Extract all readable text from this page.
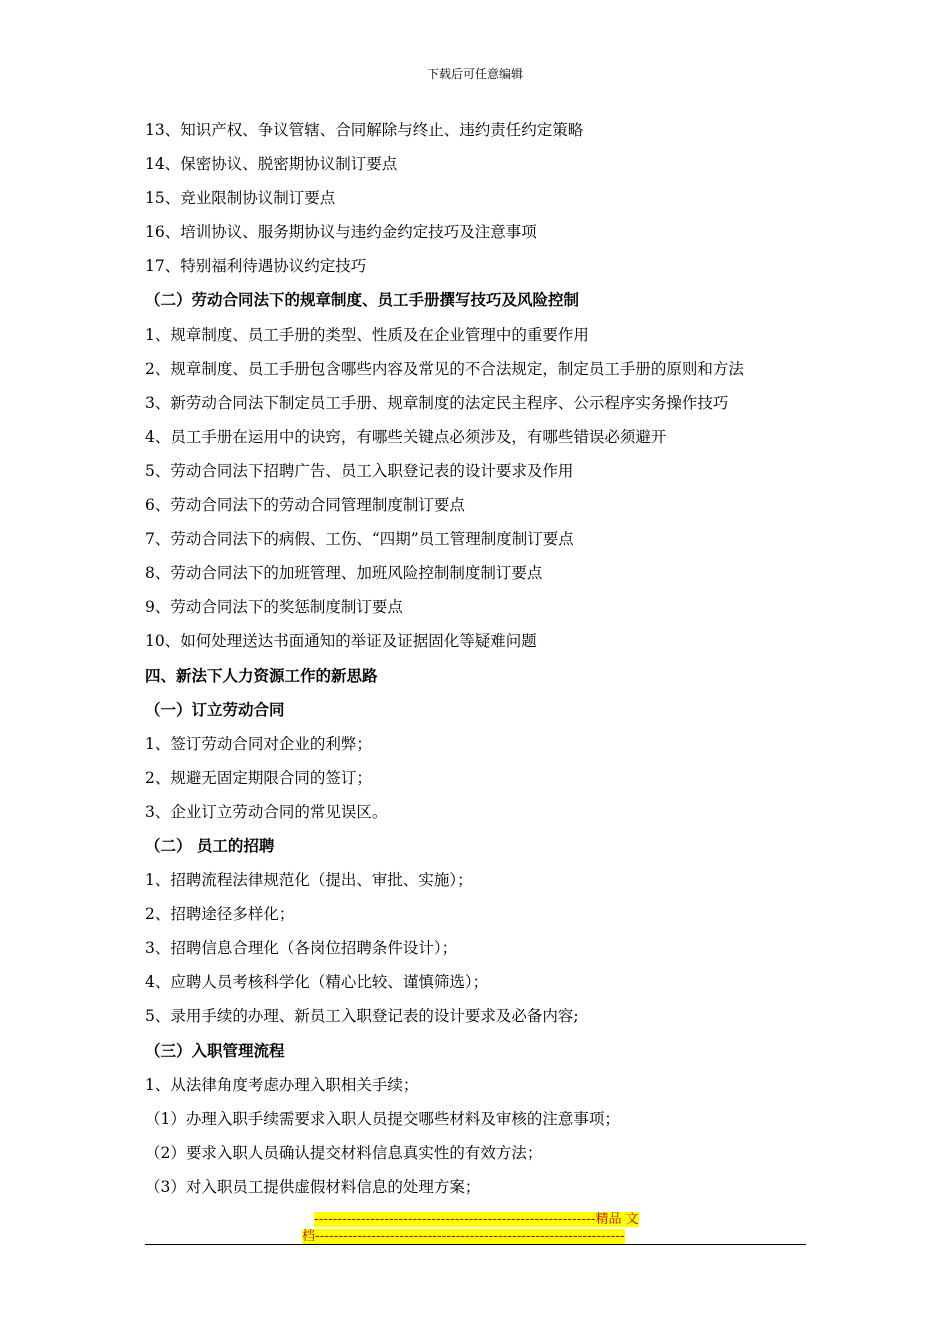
下载后可任意编辑
13、知识产权、争议管辖、合同解除与终止、违约责任约定策略
14、保密协议、脱密期协议制订要点
15、竞业限制协议制订要点
16、培训协议、服务期协议与违约金约定技巧及注意事项
17、特别福利待遇协议约定技巧
（二）劳动合同法下的规章制度、员工手册撰写技巧及风险控制
1、规章制度、员工手册的类型、性质及在企业管理中的重要作用
2、规章制度、员工手册包含哪些内容及常见的不合法规定，制定员工手册的原则和方法
3、新劳动合同法下制定员工手册、规章制度的法定民主程序、公示程序实务操作技巧
4、员工手册在运用中的诀窍，有哪些关键点必须涉及，有哪些错误必须避开
5、劳动合同法下招聘广告、员工入职登记表的设计要求及作用
6、劳动合同法下的劳动合同管理制度制订要点
7、劳动合同法下的病假、工伤、“四期”员工管理制度制订要点
8、劳动合同法下的加班管理、加班风险控制制度制订要点
9、劳动合同法下的奖惩制度制订要点
10、如何处理送达书面通知的举证及证据固化等疑难问题
四、新法下人力资源工作的新思路
（一）订立劳动合同
1、签订劳动合同对企业的利弊；
2、规避无固定期限合同的签订；
3、企业订立劳动合同的常见误区。
（二） 员工的招聘
1、招聘流程法律规范化（提出、审批、实施）；
2、招聘途径多样化；
3、招聘信息合理化（各岗位招聘条件设计）；
4、应聘人员考核科学化（精心比较、谨慎筛选）；
5、录用手续的办理、新员工入职登记表的设计要求及必备内容;
（三）入职管理流程
1、从法律角度考虑办理入职相关手续；
（1）办理入职手续需要求入职人员提交哪些材料及审核的注意事项；
（2）要求入职人员确认提交材料信息真实性的有效方法；
（3）对入职员工提供虚假材料信息的处理方案；
------------------------------------------------------------精品 文
档------------------------------------------------------------------
